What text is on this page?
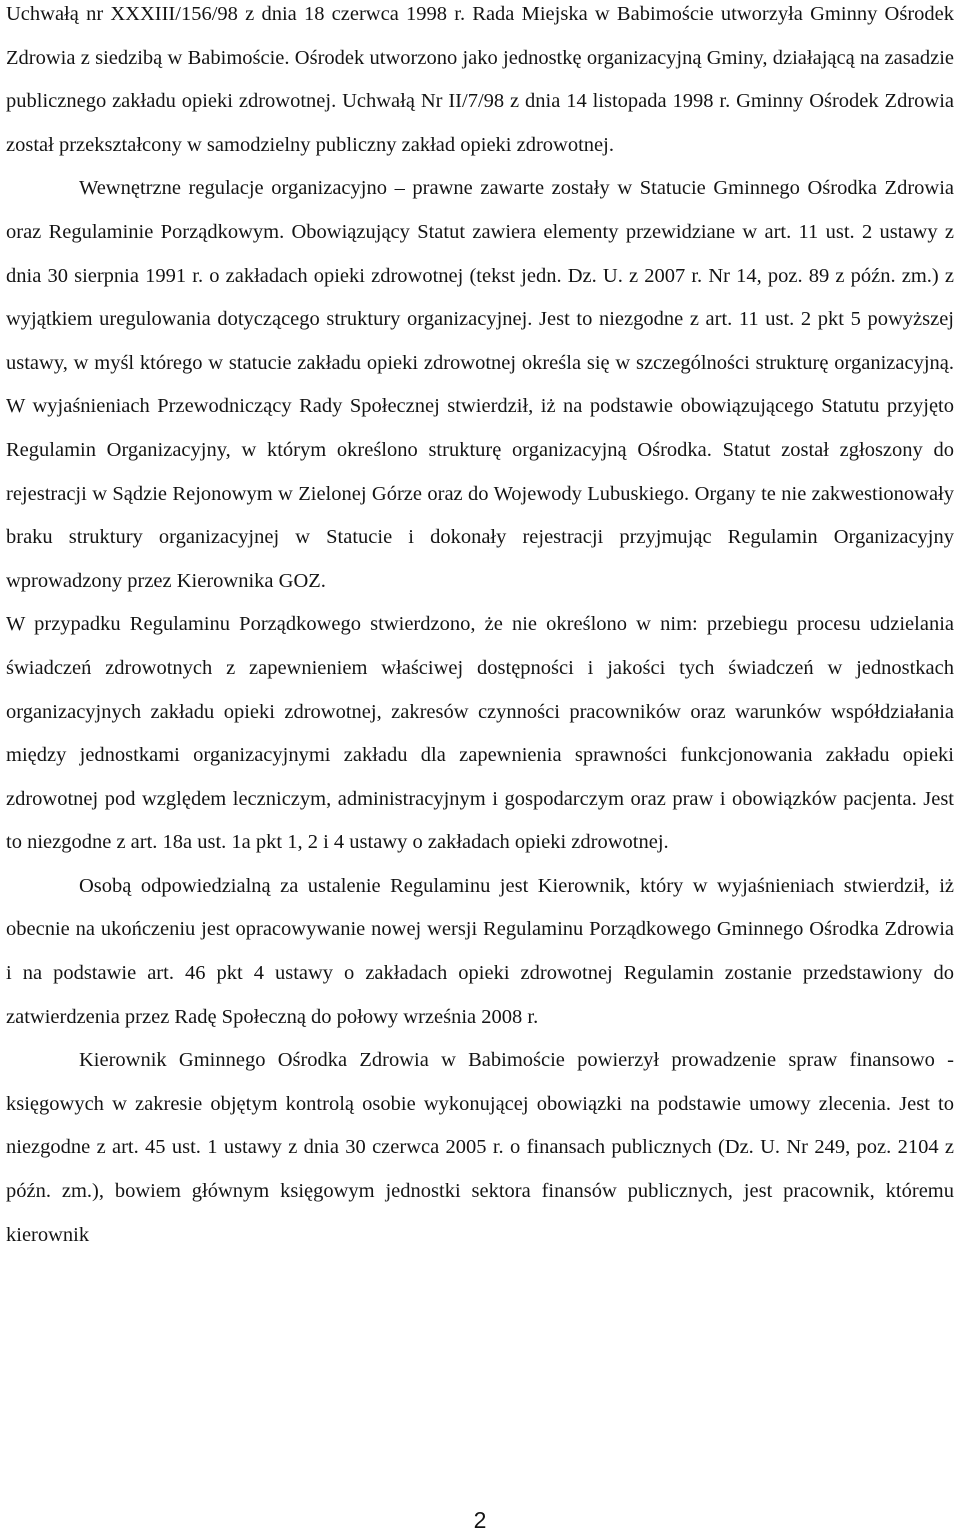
Uchwałą nr XXXIII/156/98 z dnia 18 czerwca 1998 r. Rada Miejska w Babimoście utworzyła Gminny Ośrodek Zdrowia z siedzibą w Babimoście. Ośrodek utworzono jako jednostkę organizacyjną Gminy, działającą na zasadzie publicznego zakładu opieki zdrowotnej. Uchwałą Nr II/7/98 z dnia 14 listopada 1998 r. Gminny Ośrodek Zdrowia został przekształcony w samodzielny publiczny zakład opieki zdrowotnej.

Wewnętrzne regulacje organizacyjno – prawne zawarte zostały w Statucie Gminnego Ośrodka Zdrowia oraz Regulaminie Porządkowym. Obowiązujący Statut zawiera elementy przewidziane w art. 11 ust. 2 ustawy z dnia 30 sierpnia 1991 r. o zakładach opieki zdrowotnej (tekst jedn. Dz. U. z 2007 r. Nr 14, poz. 89 z późn. zm.) z wyjątkiem uregulowania dotyczącego struktury organizacyjnej. Jest to niezgodne z art. 11 ust. 2 pkt 5 powyższej ustawy, w myśl którego w statucie zakładu opieki zdrowotnej określa się w szczególności strukturę organizacyjną. W wyjaśnieniach Przewodniczący Rady Społecznej stwierdził, iż na podstawie obowiązującego Statutu przyjęto Regulamin Organizacyjny, w którym określono strukturę organizacyjną Ośrodka. Statut został zgłoszony do rejestracji w Sądzie Rejonowym w Zielonej Górze oraz do Wojewody Lubuskiego. Organy te nie zakwestionowały braku struktury organizacyjnej w Statucie i dokonały rejestracji przyjmując Regulamin Organizacyjny wprowadzony przez Kierownika GOZ.

W przypadku Regulaminu Porządkowego stwierdzono, że nie określono w nim: przebiegu procesu udzielania świadczeń zdrowotnych z zapewnieniem właściwej dostępności i jakości tych świadczeń w jednostkach organizacyjnych zakładu opieki zdrowotnej, zakresów czynności pracowników oraz warunków współdziałania między jednostkami organizacyjnymi zakładu dla zapewnienia sprawności funkcjonowania zakładu opieki zdrowotnej pod względem leczniczym, administracyjnym i gospodarczym oraz praw i obowiązków pacjenta. Jest to niezgodne z art. 18a ust. 1a pkt 1, 2 i 4 ustawy o zakładach opieki zdrowotnej.

Osobą odpowiedzialną za ustalenie Regulaminu jest Kierownik, który w wyjaśnieniach stwierdził, iż obecnie na ukończeniu jest opracowywanie nowej wersji Regulaminu Porządkowego Gminnego Ośrodka Zdrowia i na podstawie art. 46 pkt 4 ustawy o zakładach opieki zdrowotnej Regulamin zostanie przedstawiony do zatwierdzenia przez Radę Społeczną do połowy września 2008 r.

Kierownik Gminnego Ośrodka Zdrowia w Babimoście powierzył prowadzenie spraw finansowo - księgowych w zakresie objętym kontrolą osobie wykonującej obowiązki na podstawie umowy zlecenia. Jest to niezgodne z art. 45 ust. 1 ustawy z dnia 30 czerwca 2005 r. o finansach publicznych (Dz. U. Nr 249, poz. 2104 z późn. zm.), bowiem głównym księgowym jednostki sektora finansów publicznych, jest pracownik, któremu kierownik

2
